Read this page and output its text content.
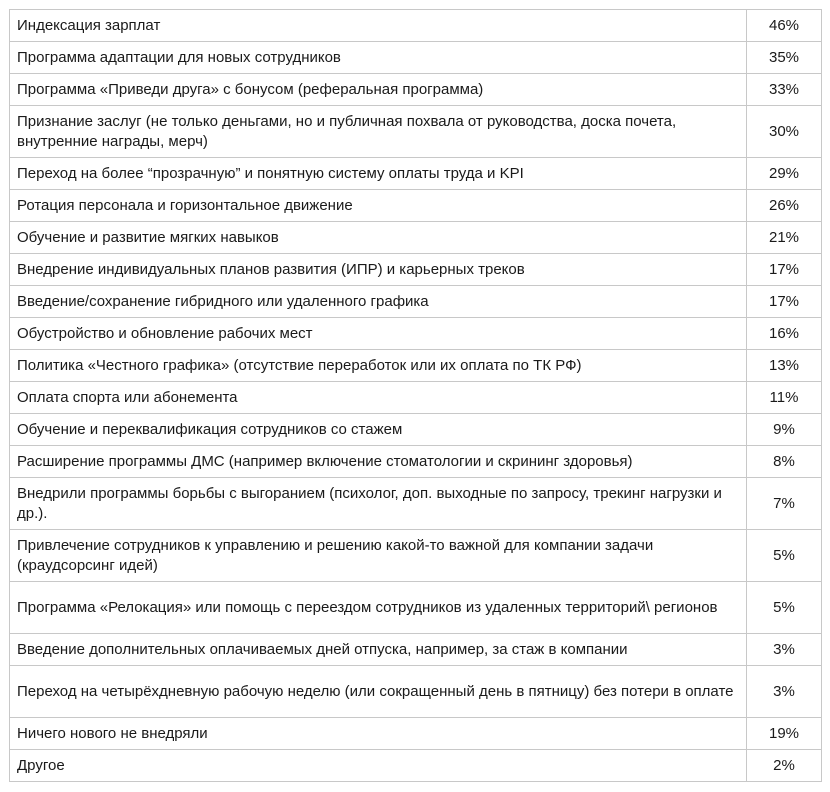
Индексация зарплат	46%
Программа адаптации для новых сотрудников	35%
Программа «Приведи друга» с бонусом (реферальная программа)	33%
Признание заслуг (не только деньгами, но и публичная похвала от руководства, доска почета, внутренние награды, мерч)	30%
Переход на более “прозрачную” и понятную систему оплаты труда и KPI	29%
Ротация персонала и горизонтальное движение	26%
Обучение и развитие мягких навыков	21%
Внедрение индивидуальных планов развития (ИПР) и карьерных треков	17%
Введение/сохранение гибридного или удаленного графика	17%
Обустройство и обновление рабочих мест	16%
Политика «Честного графика» (отсутствие переработок или их оплата по ТК РФ)	13%
Оплата спорта или абонемента	11%
Обучение и переквалификация сотрудников со стажем	9%
Расширение программы ДМС (например включение стоматологии и скрининг здоровья)	8%
Внедрили программы борьбы с выгоранием (психолог, доп. выходные по запросу, трекинг нагрузки и др.).	7%
Привлечение сотрудников к управлению и решению какой-то важной для компании задачи (краудсорсинг идей)	5%
Программа «Релокация» или помощь с переездом сотрудников из удаленных территорий\ регионов	5%
Введение дополнительных оплачиваемых дней отпуска, например, за стаж в компании	3%
Переход на четырёхдневную рабочую неделю (или сокращенный день в пятницу) без потери в оплате	3%
Ничего нового не внедряли	19%
Другое	2%
